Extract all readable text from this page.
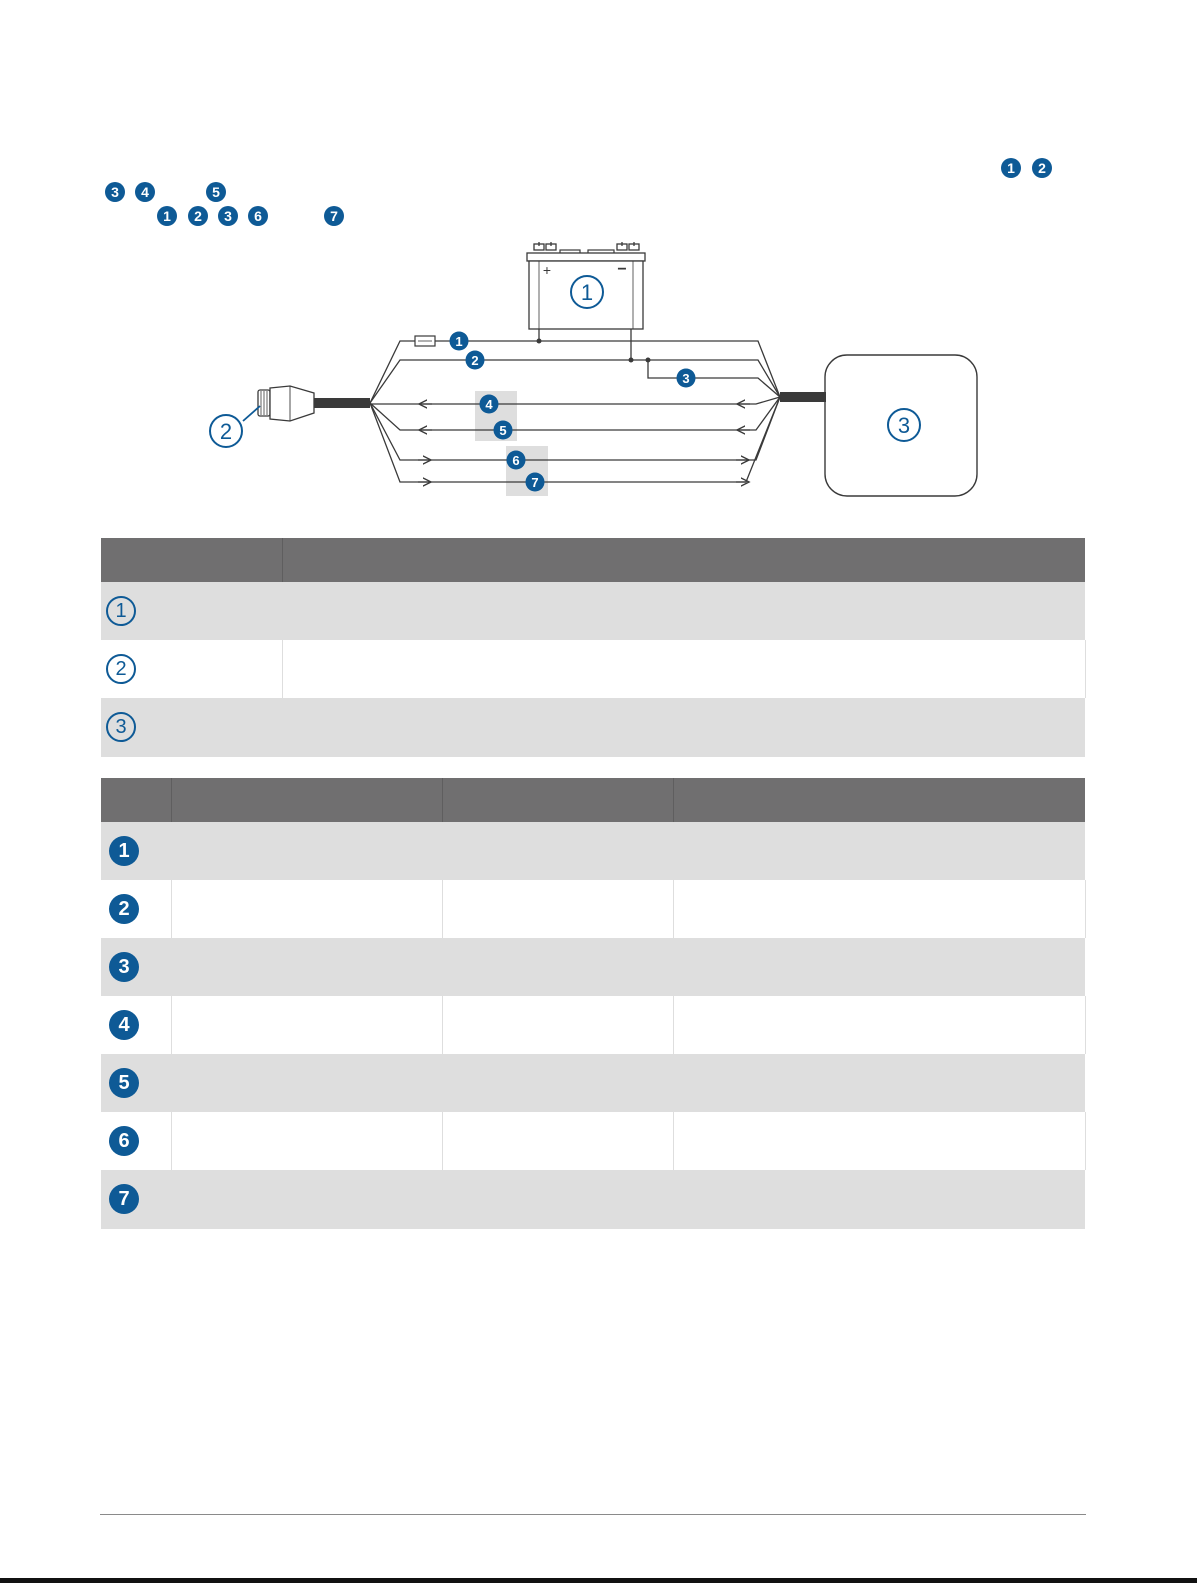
1	2
3	4	5
1	2	3	6	7
+	−
1
2	3
1
2
3
4
5
6
7

1	

2	

3	

1			

2			

3			

4			

5			

6			

7			
